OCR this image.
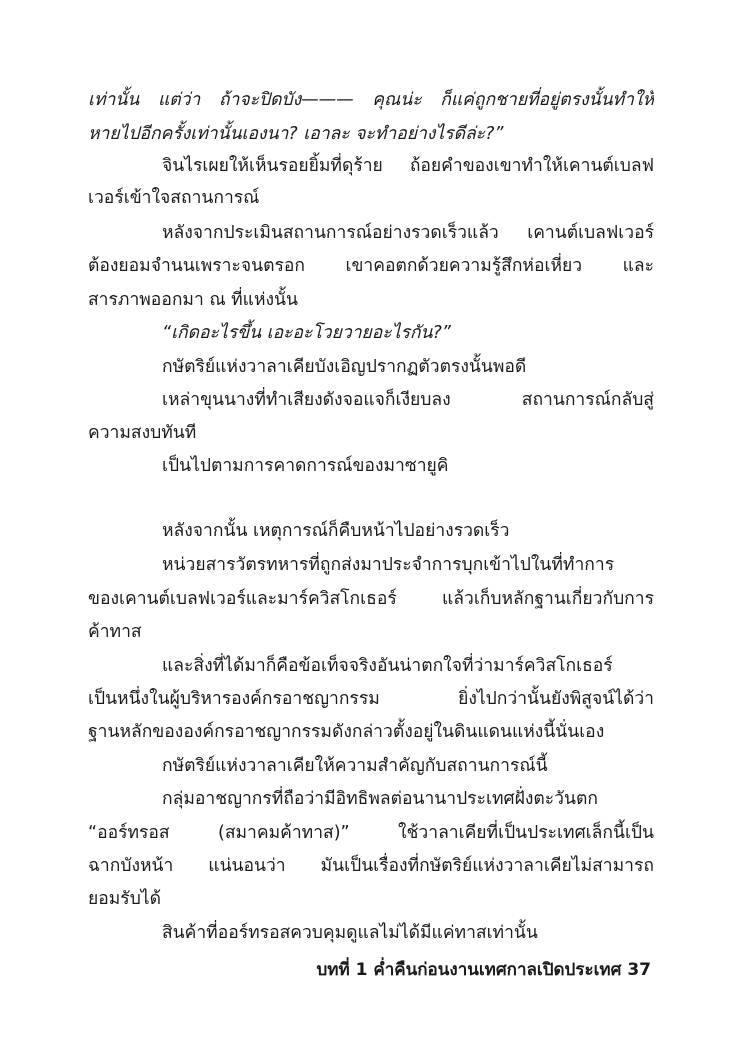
เท่านั้น แต่ว่า ถ้าจะปิดบัง——— คุณน่ะ ก็แค่ถูกชายที่อยู่ตรงนั้นทำให้
หายไปอีกครั้งเท่านั้นเองนา? เอาละ จะทำอย่างไรดีล่ะ?”
จินไรเผยให้เห็นรอยยิ้มที่ดุร้าย ถ้อยคำของเขาทำให้เคานต์เบลฟ
เวอร์เข้าใจสถานการณ์
หลังจากประเมินสถานการณ์อย่างรวดเร็วแล้ว เคานต์เบลฟเวอร์
ต้องยอมจำนนเพราะจนตรอก เขาคอตกด้วยความรู้สึกห่อเหี่ยว และ
สารภาพออกมา ณ ที่แห่งนั้น
“เกิดอะไรขึ้น เอะอะโวยวายอะไรกัน?”
กษัตริย์แห่งวาลาเคียบังเอิญปรากฏตัวตรงนั้นพอดี
เหล่าขุนนางที่ทำเสียงดังจอแจก็เงียบลง สถานการณ์กลับสู่
ความสงบทันที
เป็นไปตามการคาดการณ์ของมาซายูคิ
หลังจากนั้น เหตุการณ์ก็คืบหน้าไปอย่างรวดเร็ว
หน่วยสารวัตรทหารที่ถูกส่งมาประจำการบุกเข้าไปในที่ทำการ
ของเคานต์เบลฟเวอร์และมาร์ควิสโกเธอร์ แล้วเก็บหลักฐานเกี่ยวกับการ
ค้าทาส
และสิ่งที่ได้มาก็คือข้อเท็จจริงอันน่าตกใจที่ว่ามาร์ควิสโกเธอร์
เป็นหนึ่งในผู้บริหารองค์กรอาชญากรรม ยิ่งไปกว่านั้นยังพิสูจน์ได้ว่า
ฐานหลักขององค์กรอาชญากรรมดังกล่าวตั้งอยู่ในดินแดนแห่งนี้นั่นเอง
กษัตริย์แห่งวาลาเคียให้ความสำคัญกับสถานการณ์นี้
กลุ่มอาชญากรที่ถือว่ามีอิทธิพลต่อนานาประเทศฝั่งตะวันตก
“ออร์ทรอส (สมาคมค้าทาส)” ใช้วาลาเคียที่เป็นประเทศเล็กนี้เป็น
ฉากบังหน้า แน่นอนว่า มันเป็นเรื่องที่กษัตริย์แห่งวาลาเคียไม่สามารถ
ยอมรับได้
สินค้าที่ออร์ทรอสควบคุมดูแลไม่ได้มีแค่ทาสเท่านั้น
บทที่ 1 ค่ำคืนก่อนงานเทศกาลเปิดประเทศ 37
